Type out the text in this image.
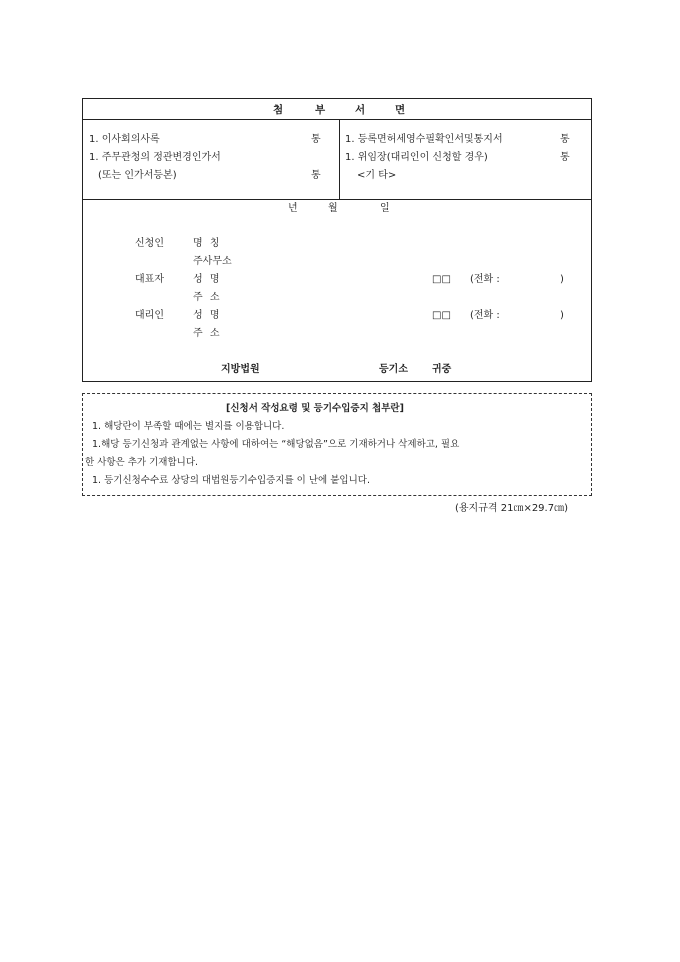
첨	부	서	면
1. 이사회의사록	통
1. 주무관청의 정관변경인가서
(또는 인가서등본)	통
1. 등록면허세영수필확인서및통지서	통
1. 위임장(대리인이 신청할 경우)	통
<기 타>
년	월	일
신청인	명 칭
주사무소
대표자	성 명	□□ (전화 :	)
주 소
대리인	성 명	□□ (전화 :	)
주 소
지방법원	등기소 귀중
[신청서 작성요령 및 등기수입증지 첩부란]
1. 해당란이 부족할 때에는 별지를 이용합니다.
1.해당 등기신청과 관계없는 사항에 대하여는 “해당없음”으로 기재하거나 삭제하고, 필요
한 사항은 추가 기재합니다.
1. 등기신청수수료 상당의 대법원등기수입증지를 이 난에 붙입니다.
(용지규격 21㎝×29.7㎝)
